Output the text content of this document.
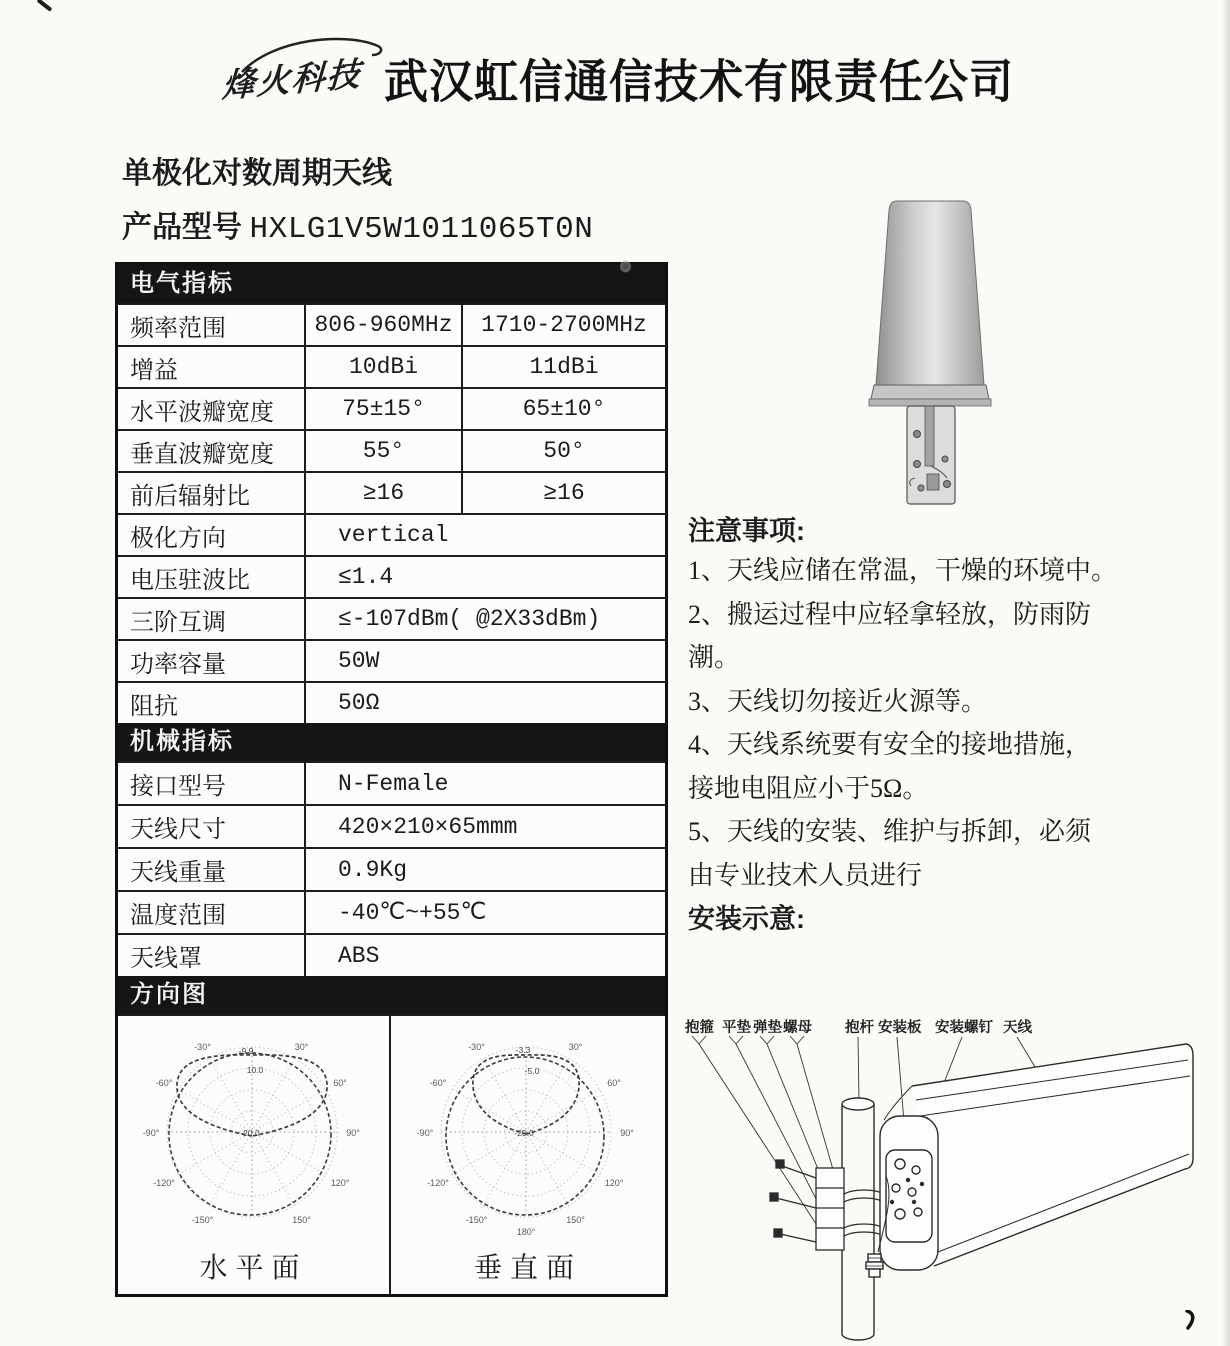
烽火科技 武汉虹信通信技术有限责任公司
单极化对数周期天线
产品型号 HXLG1V5W1011065T0N
电气指标
频率范围	806-960MHz	1710-2700MHz
增益	10dBi	11dBi
水平波瓣宽度	75±15°	65±10°
垂直波瓣宽度	55°	50°
前后辐射比	≥16	≥16
极化方向	vertical
电压驻波比	≤1.4
三阶互调	≤-107dBm( @2X33dBm)
功率容量	50W
阻抗	50Ω
机械指标
接口型号	N-Female
天线尺寸	420×210×65mmm
天线重量	0.9Kg
温度范围	-40℃~+55℃
天线罩	ABS
方向图
-30°	30°
-60°	60°
-90°	90°
-120°	120°
-150°	150°
-9.9
10.0
-20.0
水平面
-30°	30°
-60°	60°
-90°	90°
-120°	120°
-150°	150°
180°
-3.3
-5.0
-25.0
垂直面
注意事项:
1、天线应储在常温，干燥的环境中。
2、搬运过程中应轻拿轻放，防雨防
潮。
3、天线切勿接近火源等。
4、天线系统要有安全的接地措施，
接地电阻应小于5Ω。
5、天线的安装、维护与拆卸，必须
由专业技术人员进行
安装示意:
抱箍 平垫 弹垫 螺母 抱杆 安装板 安装螺钉 天线
